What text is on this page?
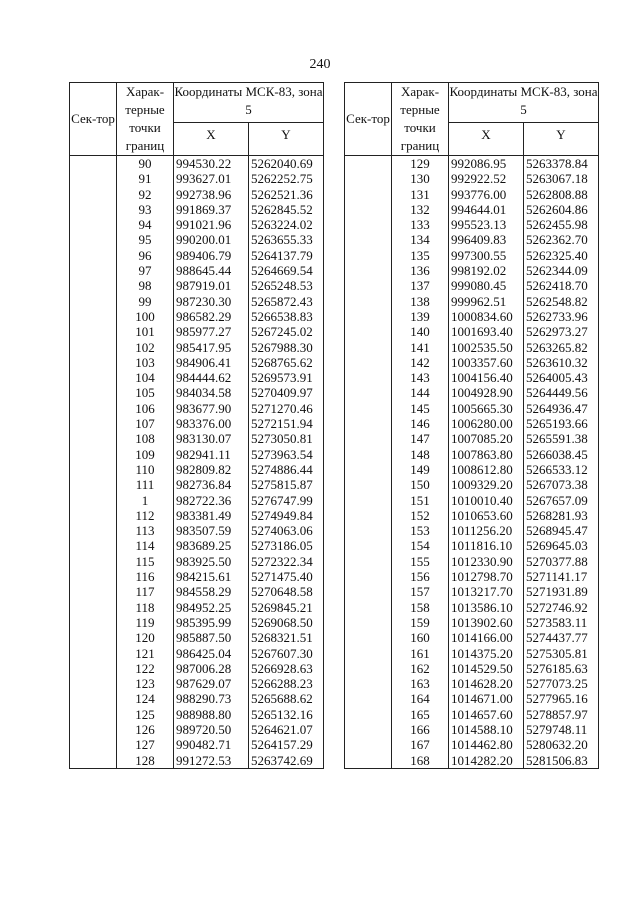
240
Сек-тор	Харак-терные точки границ	Координаты МСК-83, зона 5	
		X	Y
	90	994530.22	5262040.69
	91	993627.01	5262252.75
	92	992738.96	5262521.36
	93	991869.37	5262845.52
	94	991021.96	5263224.02
	95	990200.01	5263655.33
	96	989406.79	5264137.79
	97	988645.44	5264669.54
	98	987919.01	5265248.53
	99	987230.30	5265872.43
	100	986582.29	5266538.83
	101	985977.27	5267245.02
	102	985417.95	5267988.30
	103	984906.41	5268765.62
	104	984444.62	5269573.91
	105	984034.58	5270409.97
	106	983677.90	5271270.46
	107	983376.00	5272151.94
	108	983130.07	5273050.81
	109	982941.11	5273963.54
	110	982809.82	5274886.44
	111	982736.84	5275815.87
	1	982722.36	5276747.99
	112	983381.49	5274949.84
	113	983507.59	5274063.06
	114	983689.25	5273186.05
	115	983925.50	5272322.34
	116	984215.61	5271475.40
	117	984558.29	5270648.58
	118	984952.25	5269845.21
	119	985395.99	5269068.50
	120	985887.50	5268321.51
	121	986425.04	5267607.30
	122	987006.28	5266928.63
	123	987629.07	5266288.23
	124	988290.73	5265688.62
	125	988988.80	5265132.16
	126	989720.50	5264621.07
	127	990482.71	5264157.29
	128	991272.53	5263742.69
Сек-тор	Харак-терные точки границ	Координаты МСК-83, зона 5	
		X	Y
	129	992086.95	5263378.84
	130	992922.52	5263067.18
	131	993776.00	5262808.88
	132	994644.01	5262604.86
	133	995523.13	5262455.98
	134	996409.83	5262362.70
	135	997300.55	5262325.40
	136	998192.02	5262344.09
	137	999080.45	5262418.70
	138	999962.51	5262548.82
	139	1000834.60	5262733.96
	140	1001693.40	5262973.27
	141	1002535.50	5263265.82
	142	1003357.60	5263610.32
	143	1004156.40	5264005.43
	144	1004928.90	5264449.56
	145	1005665.30	5264936.47
	146	1006280.00	5265193.66
	147	1007085.20	5265591.38
	148	1007863.80	5266038.45
	149	1008612.80	5266533.12
	150	1009329.20	5267073.38
	151	1010010.40	5267657.09
	152	1010653.60	5268281.93
	153	1011256.20	5268945.47
	154	1011816.10	5269645.03
	155	1012330.90	5270377.88
	156	1012798.70	5271141.17
	157	1013217.70	5271931.89
	158	1013586.10	5272746.92
	159	1013902.60	5273583.11
	160	1014166.00	5274437.77
	161	1014375.20	5275305.81
	162	1014529.50	5276185.63
	163	1014628.20	5277073.25
	164	1014671.00	5277965.16
	165	1014657.60	5278857.97
	166	1014588.10	5279748.11
	167	1014462.80	5280632.20
	168	1014282.20	5281506.83
